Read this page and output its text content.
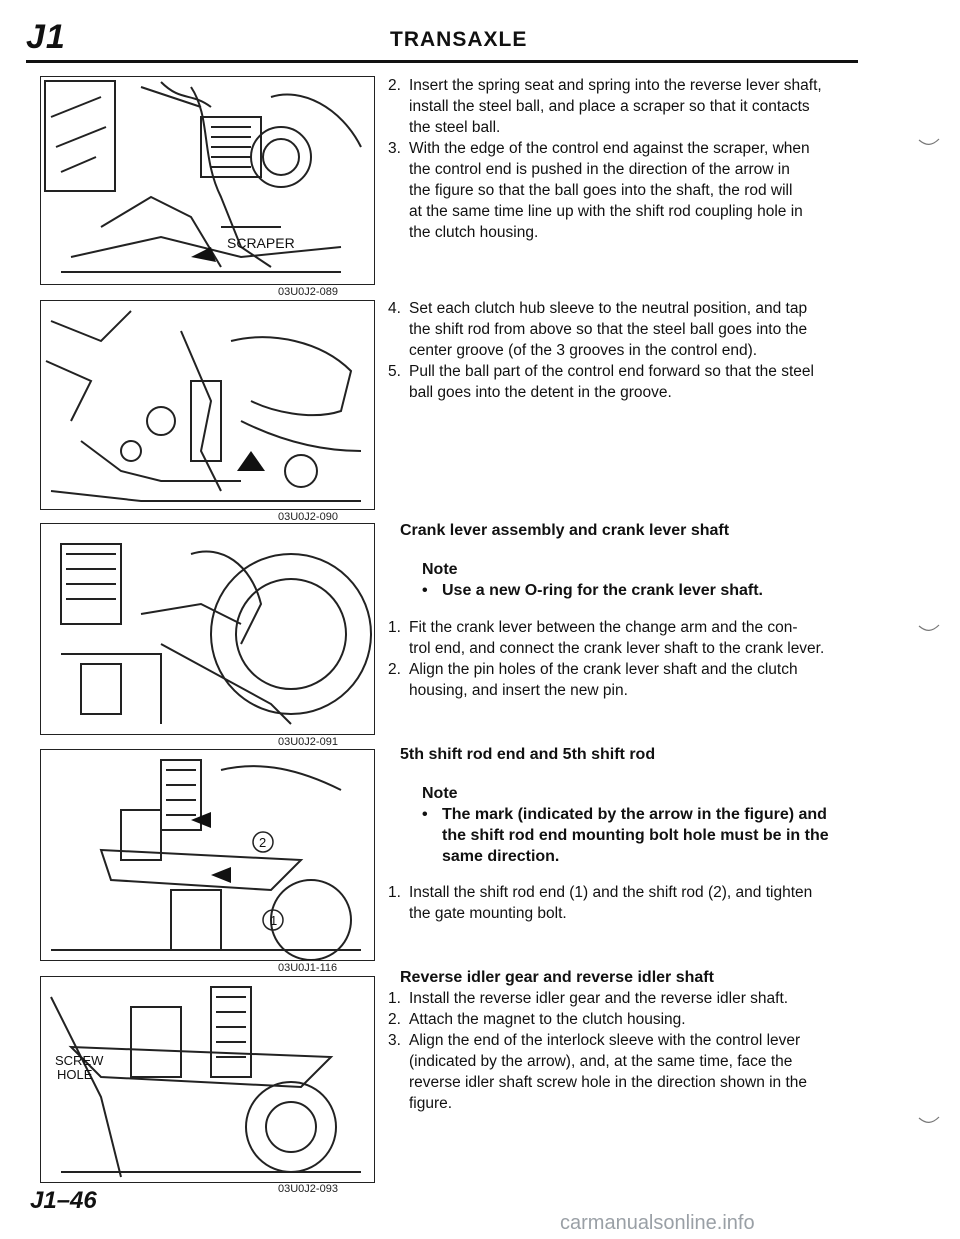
J1	TRANSAXLE
SCRAPER
03U0J2-089
03U0J2-090
03U0J2-091
2
1
03U0J1-116
SCREW
HOLE
03U0J2-093
2. Insert the spring seat and spring into the reverse lever shaft,
install the steel ball, and place a scraper so that it contacts
the steel ball.
3. With the edge of the control end against the scraper, when
the control end is pushed in the direction of the arrow in
the figure so that the ball goes into the shaft, the rod will
at the same time line up with the shift rod coupling hole in
the clutch housing.
4. Set each clutch hub sleeve to the neutral position, and tap
the shift rod from above so that the steel ball goes into the
center groove (of the 3 grooves in the control end).
5. Pull the ball part of the control end forward so that the steel
ball goes into the detent in the groove.
Crank lever assembly and crank lever shaft
Note
• Use a new O-ring for the crank lever shaft.
1. Fit the crank lever between the change arm and the con-
trol end, and connect the crank lever shaft to the crank lever.
2. Align the pin holes of the crank lever shaft and the clutch
housing, and insert the new pin.
5th shift rod end and 5th shift rod
Note
• The mark (indicated by the arrow in the figure) and
the shift rod end mounting bolt hole must be in the
same direction.
1. Install the shift rod end (1) and the shift rod (2), and tighten
the gate mounting bolt.
Reverse idler gear and reverse idler shaft
1. Install the reverse idler gear and the reverse idler shaft.
2. Attach the magnet to the clutch housing.
3. Align the end of the interlock sleeve with the control lever
(indicated by the arrow), and, at the same time, face the
reverse idler shaft screw hole in the direction shown in the
figure.
J1–46
carmanualsonline.info
